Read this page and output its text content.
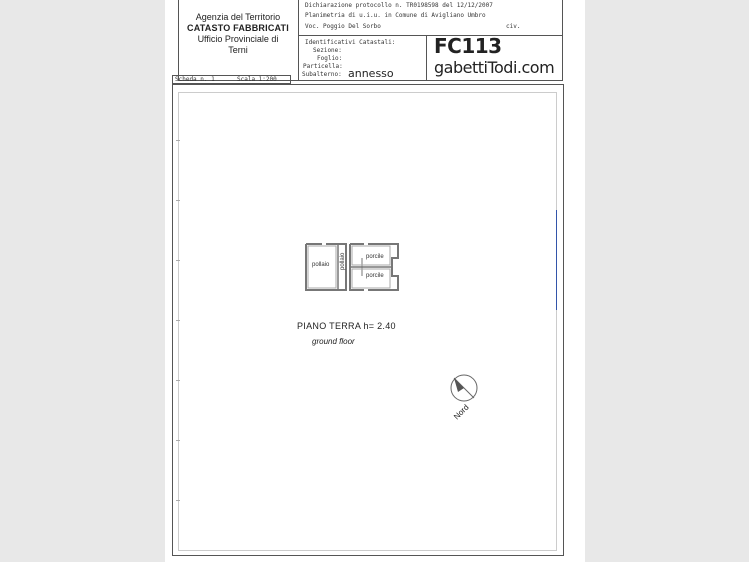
Agenzia del Territorio
CATASTO FABBRICATI
Ufficio Provinciale di
Terni
Dichiarazione protocollo n. TR0198598 del 12/12/2007
Planimetria di u.i.u. in Comune di Avigliano Umbro
Voc. Poggio Del Sorbo	civ.
Identificativi Catastali:
Sezione:
Foglio:
Particella:
Subalterno: annesso
FC113
gabettiTodi.com
Scheda n. 1	Scala 1:200
pollaio pollaio	porcile
porcile
PIANO TERRA h= 2.40
ground floor
Nord
